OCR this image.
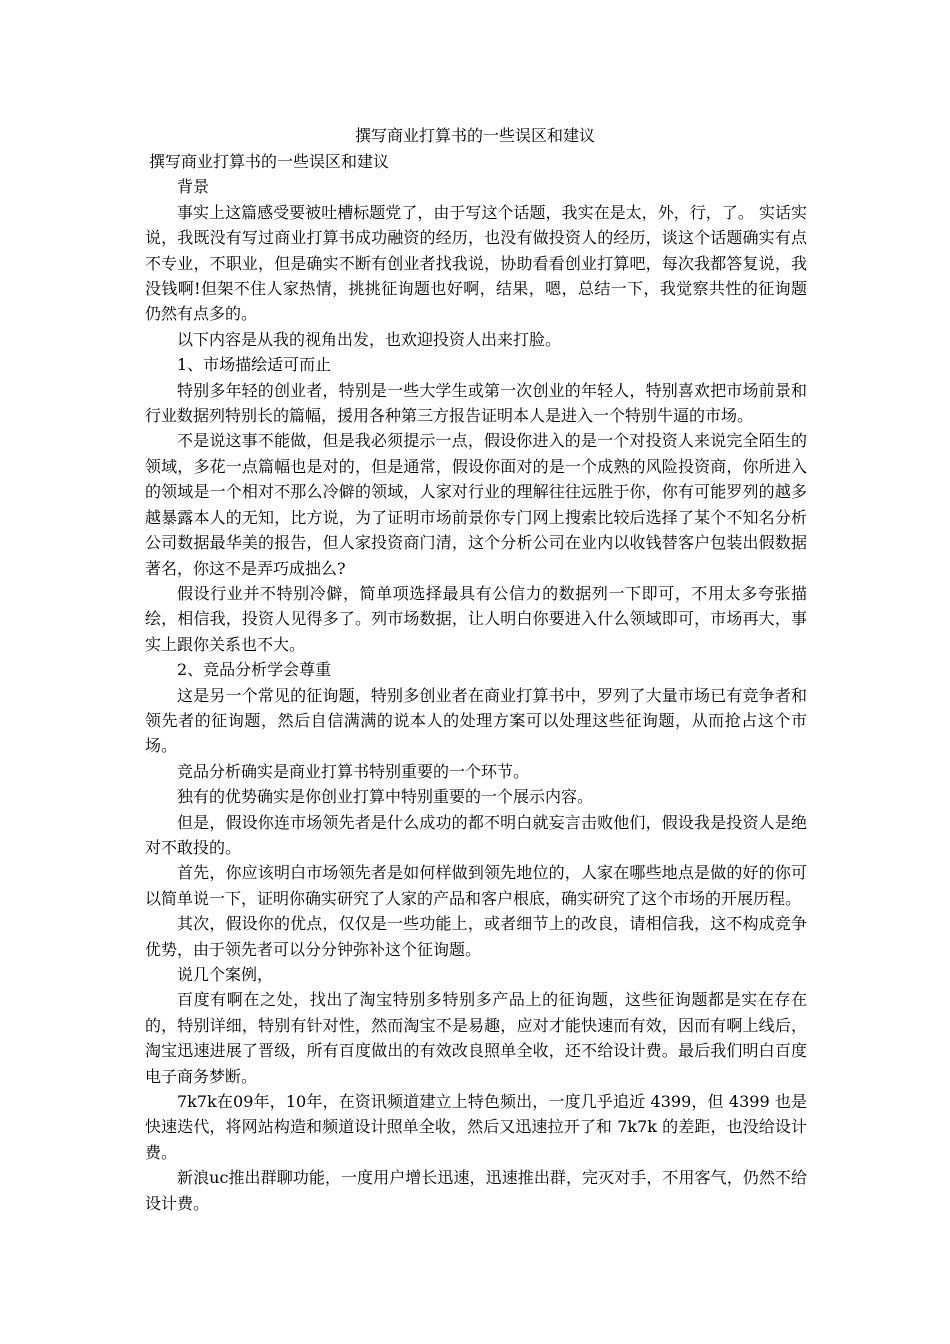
撰写商业打算书的一些误区和建议

撰写商业打算书的一些误区和建议

背景

事实上这篇感受要被吐槽标题党了，由于写这个话题，我实在是太，外，行，了。 实话实说，我既没有写过商业打算书成功融资的经历，也没有做投资人的经历，谈这个话题确实有点不专业，不职业，但是确实不断有创业者找我说，协助看看创业打算吧，每次我都答复说，我没钱啊!但架不住人家热情，挑挑征询题也好啊，结果，嗯，总结一下，我觉察共性的征询题仍然有点多的。

以下内容是从我的视角出发，也欢迎投资人出来打脸。

1、市场描绘适可而止

特别多年轻的创业者，特别是一些大学生或第一次创业的年轻人，特别喜欢把市场前景和行业数据列特别长的篇幅，援用各种第三方报告证明本人是进入一个特别牛逼的市场。

不是说这事不能做，但是我必须提示一点，假设你进入的是一个对投资人来说完全陌生的领域，多花一点篇幅也是对的，但是通常，假设你面对的是一个成熟的风险投资商，你所进入的领域是一个相对不那么冷僻的领域，人家对行业的理解往往远胜于你，你有可能罗列的越多越暴露本人的无知，比方说，为了证明市场前景你专门网上搜索比较后选择了某个不知名分析公司数据最华美的报告，但人家投资商门清，这个分析公司在业内以收钱替客户包装出假数据著名，你这不是弄巧成拙么?

假设行业并不特别冷僻，简单项选择最具有公信力的数据列一下即可，不用太多夸张描绘，相信我，投资人见得多了。列市场数据，让人明白你要进入什么领域即可，市场再大，事实上跟你关系也不大。

2、竞品分析学会尊重

这是另一个常见的征询题，特别多创业者在商业打算书中，罗列了大量市场已有竞争者和领先者的征询题，然后自信满满的说本人的处理方案可以处理这些征询题，从而抢占这个市场。

竞品分析确实是商业打算书特别重要的一个环节。

独有的优势确实是你创业打算中特别重要的一个展示内容。

但是，假设你连市场领先者是什么成功的都不明白就妄言击败他们，假设我是投资人是绝对不敢投的。

首先，你应该明白市场领先者是如何样做到领先地位的，人家在哪些地点是做的好的你可以简单说一下，证明你确实研究了人家的产品和客户根底，确实研究了这个市场的开展历程。

其次，假设你的优点，仅仅是一些功能上，或者细节上的改良，请相信我，这不构成竞争优势，由于领先者可以分分钟弥补这个征询题。

说几个案例，

百度有啊在之处，找出了淘宝特别多特别多产品上的征询题，这些征询题都是实在存在的，特别详细，特别有针对性，然而淘宝不是易趣，应对才能快速而有效，因而有啊上线后，淘宝迅速进展了晋级，所有百度做出的有效改良照单全收，还不给设计费。最后我们明白百度电子商务梦断。

7k7k在09年，10年，在资讯频道建立上特色频出，一度几乎追近 4399，但 4399 也是快速迭代，将网站构造和频道设计照单全收，然后又迅速拉开了和 7k7k 的差距，也没给设计费。

新浪uc推出群聊功能，一度用户增长迅速，迅速推出群，完灭对手，不用客气，仍然不给设计费。
